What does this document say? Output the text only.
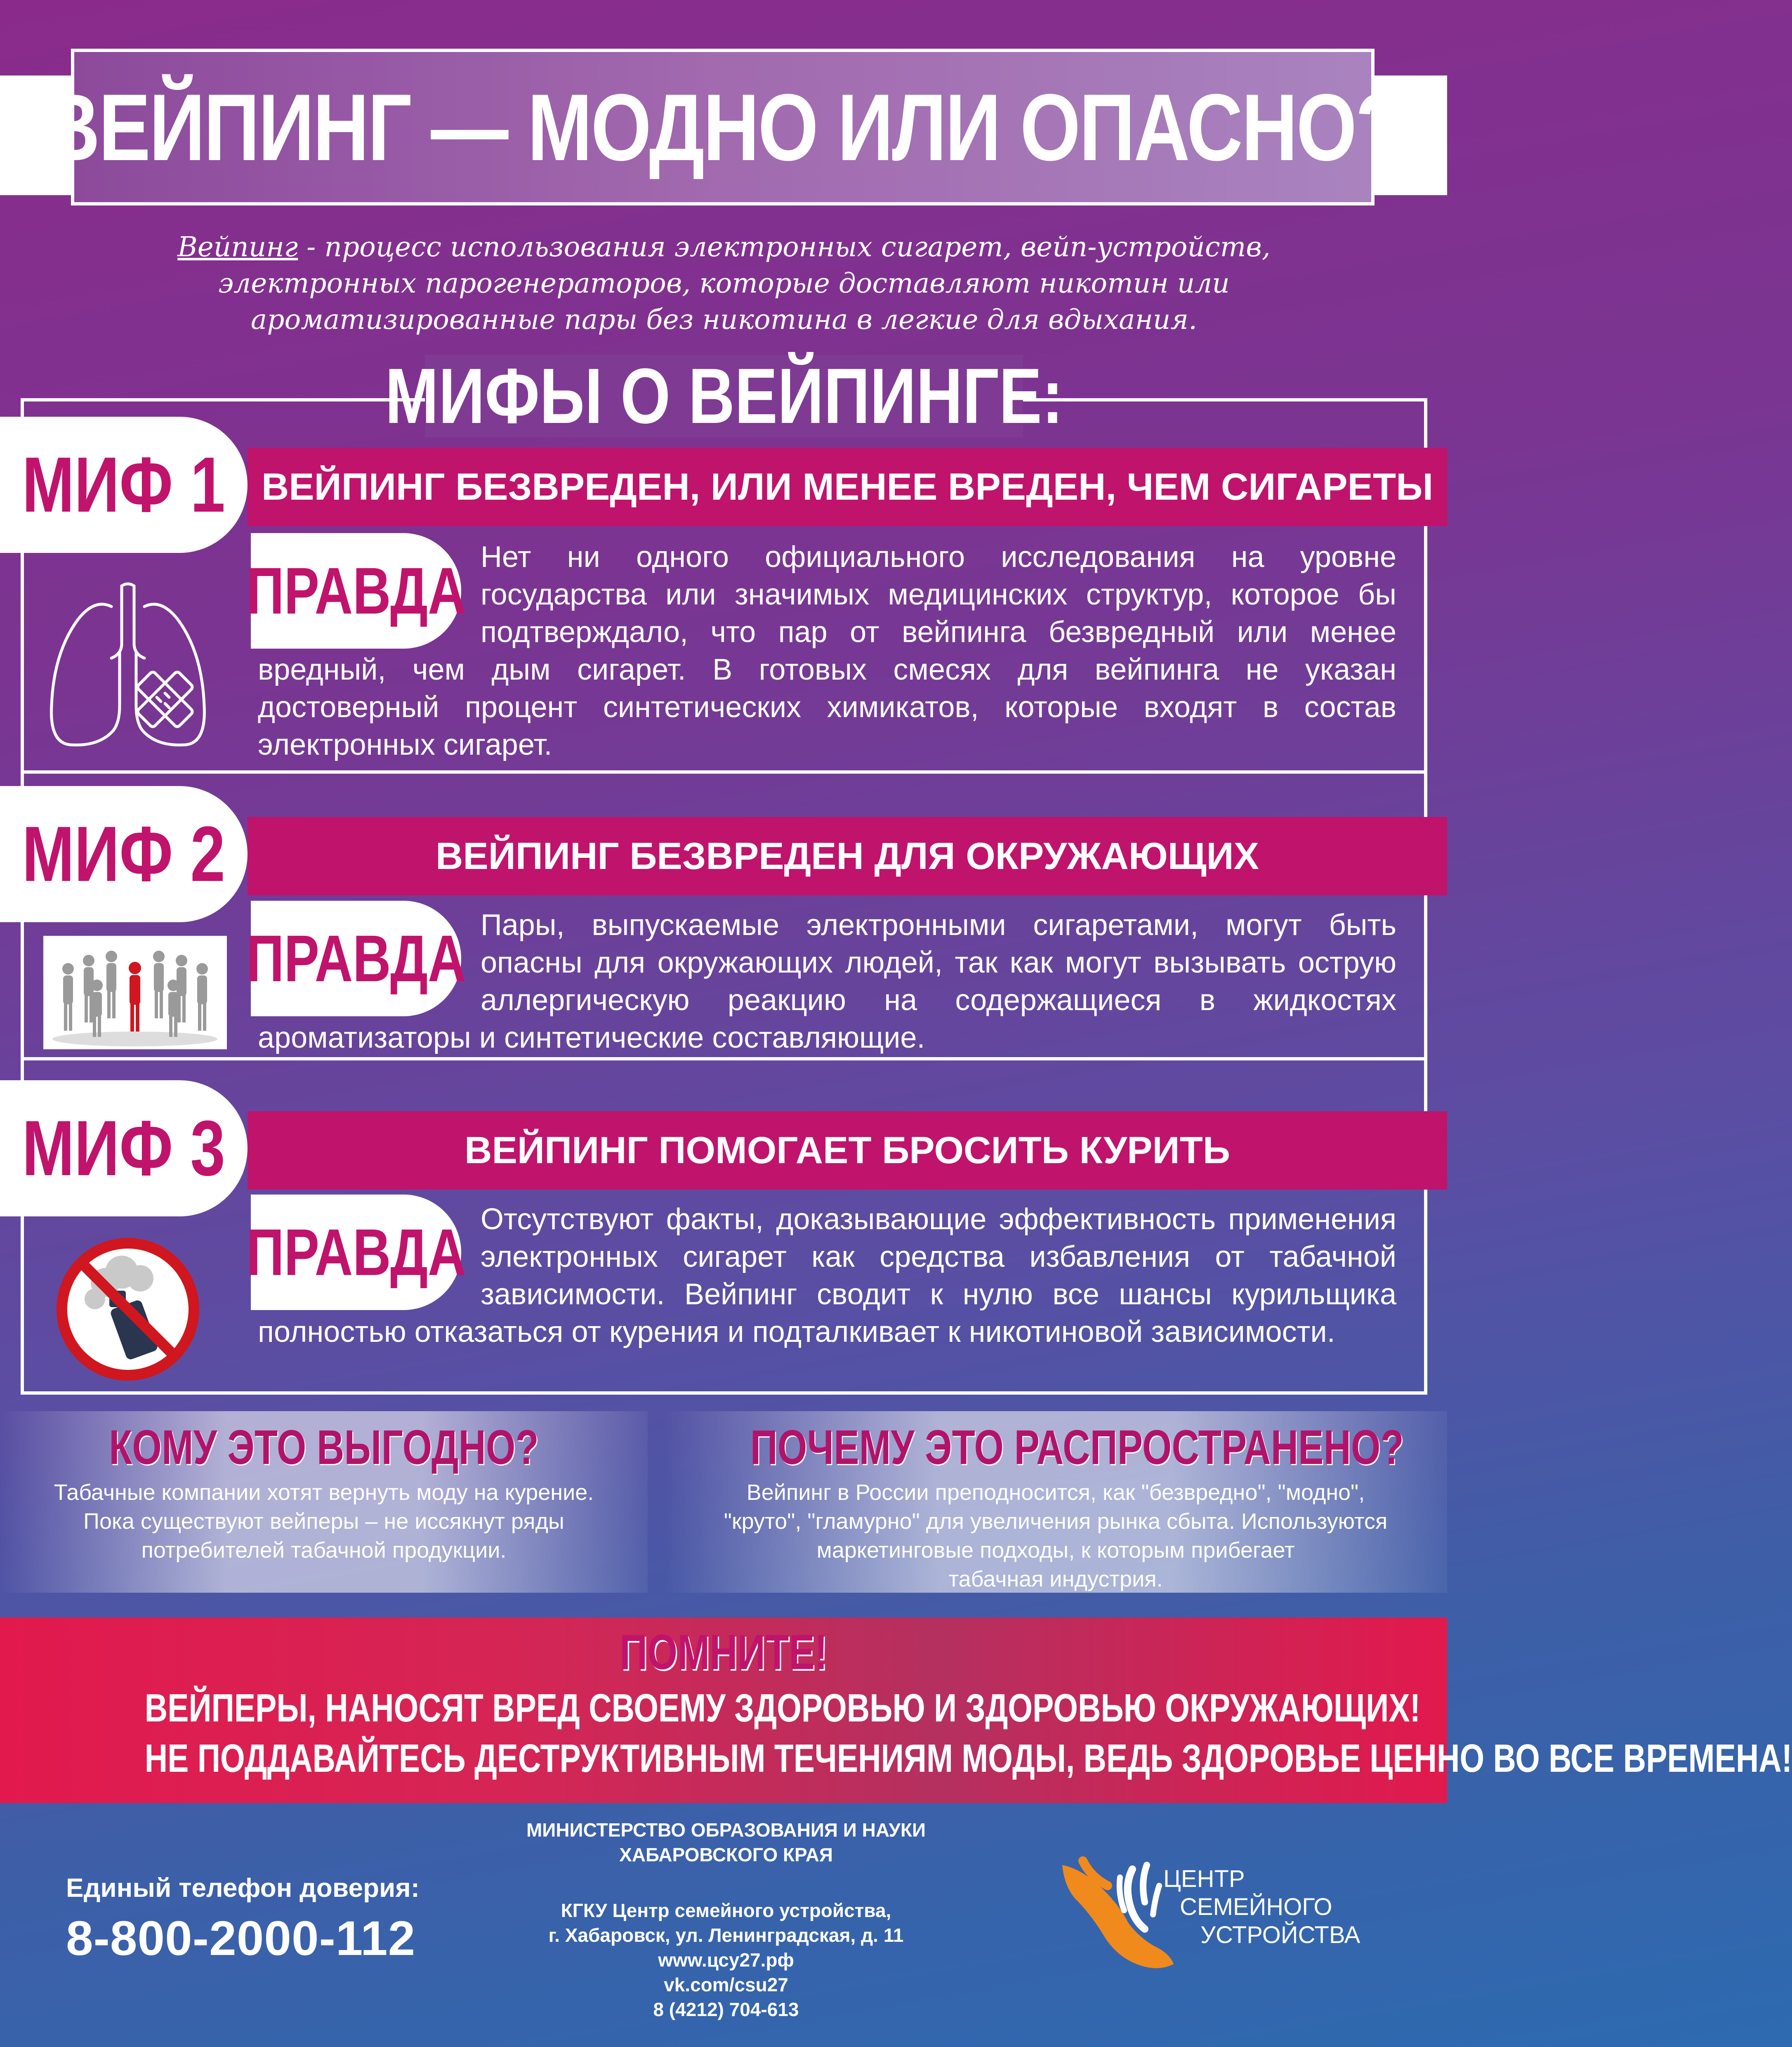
ВЕЙПИНГ — МОДНО ИЛИ ОПАСНО?
Вейпинг - процесс использования электронных сигарет, вейп-устройств, электронных парогенераторов, которые доставляют никотин или ароматизированные пары без никотина в легкие для вдыхания.
МИФЫ О ВЕЙПИНГЕ:
МИФ 1 ВЕЙПИНГ БЕЗВРЕДЕН, ИЛИ МЕНЕЕ ВРЕДЕН, ЧЕМ СИГАРЕТЫ
ПРАВДА Нет ни одного официального исследования на уровне государства или значимых медицинских структур, которое бы подтверждало, что пар от вейпинга безвредный или менее вредный, чем дым сигарет. В готовых смесях для вейпинга не указан достоверный процент синтетических химикатов, которые входят в состав электронных сигарет.
МИФ 2	ВЕЙПИНГ БЕЗВРЕДЕН ДЛЯ ОКРУЖАЮЩИХ
ПРАВДА Пары, выпускаемые электронными сигаретами, могут быть опасны для окружающих людей, так как могут вызывать острую аллергическую реакцию на содержащиеся в жидкостях ароматизаторы и синтетические составляющие.
МИФ 3	ВЕЙПИНГ ПОМОГАЕТ БРОСИТЬ КУРИТЬ
ПРАВДА Отсутствуют факты, доказывающие эффективность применения электронных сигарет как средства избавления от табачной зависимости. Вейпинг сводит к нулю все шансы курильщика полностью отказаться от курения и подталкивает к никотиновой зависимости.
КОМУ ЭТО ВЫГОДНО?
Табачные компании хотят вернуть моду на курение.
Пока существуют вейперы – не иссякнут ряды
потребителей табачной продукции.
ПОЧЕМУ ЭТО РАСПРОСТРАНЕНО?
Вейпинг в России преподносится, как "безвредно", "модно",
"круто", "гламурно" для увеличения рынка сбыта. Используются
маркетинговые подходы, к которым прибегает
табачная индустрия.
ПОМНИТЕ!
ВЕЙПЕРЫ, НАНОСЯТ ВРЕД СВОЕМУ ЗДОРОВЬЮ И ЗДОРОВЬЮ ОКРУЖАЮЩИХ!
НЕ ПОДДАВАЙТЕСЬ ДЕСТРУКТИВНЫМ ТЕЧЕНИЯМ МОДЫ, ВЕДЬ ЗДОРОВЬЕ ЦЕННО ВО ВСЕ ВРЕМЕНА!
Единый телефон доверия:
8-800-2000-112
МИНИСТЕРСТВО ОБРАЗОВАНИЯ И НАУКИ
ХАБАРОВСКОГО КРАЯ
КГКУ Центр семейного устройства,
г. Хабаровск, ул. Ленинградская, д. 11
www.цсу27.рф
vk.com/csu27
8 (4212) 704-613
ЦЕНТР
СЕМЕЙНОГО
УСТРОЙСТВА
